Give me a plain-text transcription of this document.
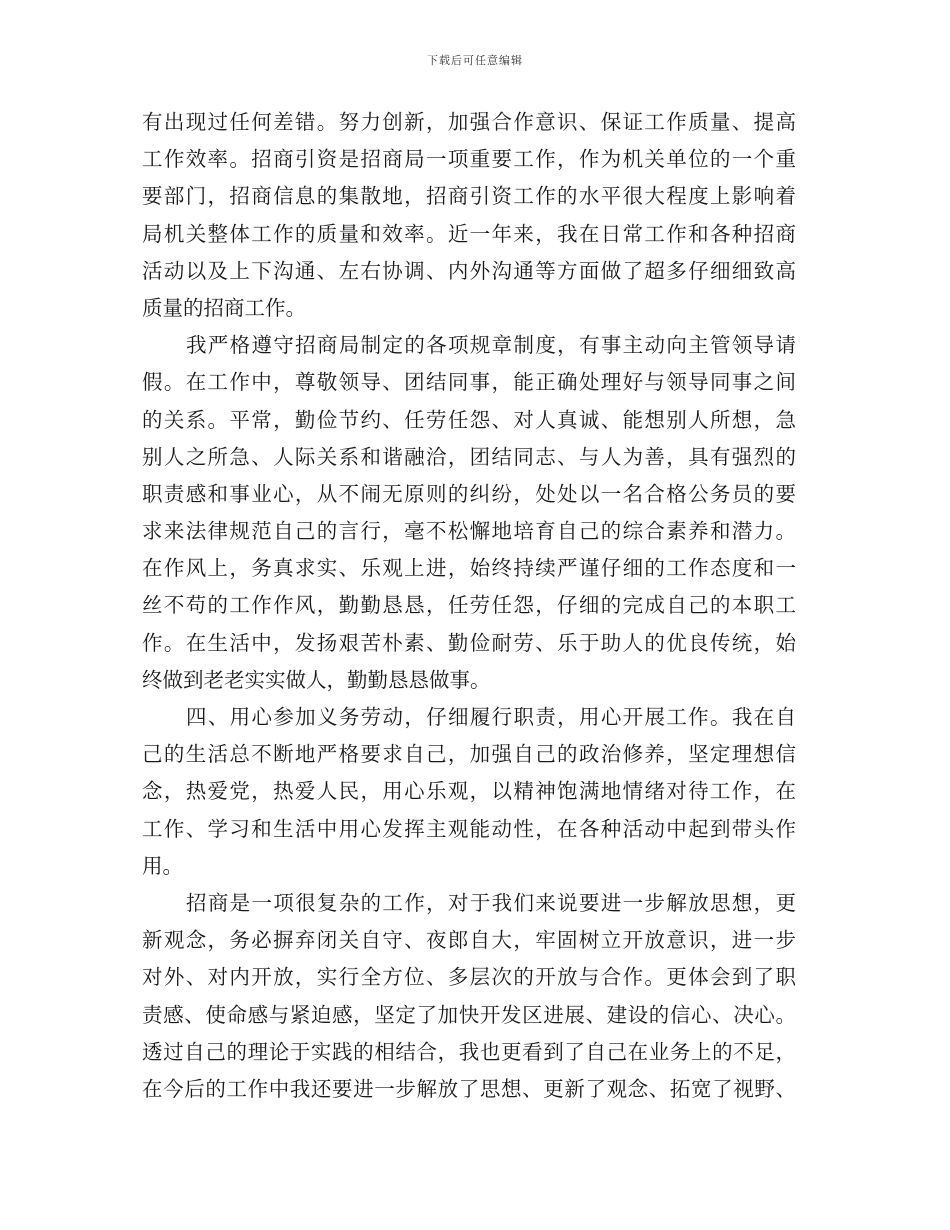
下载后可任意编辑
有出现过任何差错。努力创新，加强合作意识、保证工作质量、提高
工作效率。招商引资是招商局一项重要工作，作为机关单位的一个重
要部门，招商信息的集散地，招商引资工作的水平很大程度上影响着
局机关整体工作的质量和效率。近一年来，我在日常工作和各种招商
活动以及上下沟通、左右协调、内外沟通等方面做了超多仔细细致高
质量的招商工作。
我严格遵守招商局制定的各项规章制度，有事主动向主管领导请
假。在工作中，尊敬领导、团结同事，能正确处理好与领导同事之间
的关系。平常，勤俭节约、任劳任怨、对人真诚、能想别人所想，急
别人之所急、人际关系和谐融洽，团结同志、与人为善，具有强烈的
职责感和事业心，从不闹无原则的纠纷，处处以一名合格公务员的要
求来法律规范自己的言行，毫不松懈地培育自己的综合素养和潜力。
在作风上，务真求实、乐观上进，始终持续严谨仔细的工作态度和一
丝不苟的工作作风，勤勤恳恳，任劳任怨，仔细的完成自己的本职工
作。在生活中，发扬艰苦朴素、勤俭耐劳、乐于助人的优良传统，始
终做到老老实实做人，勤勤恳恳做事。
四、用心参加义务劳动，仔细履行职责，用心开展工作。我在自
己的生活总不断地严格要求自己，加强自己的政治修养，坚定理想信
念，热爱党，热爱人民，用心乐观，以精神饱满地情绪对待工作，在
工作、学习和生活中用心发挥主观能动性，在各种活动中起到带头作
用。
招商是一项很复杂的工作，对于我们来说要进一步解放思想，更
新观念，务必摒弃闭关自守、夜郎自大，牢固树立开放意识，进一步
对外、对内开放，实行全方位、多层次的开放与合作。更体会到了职
责感、使命感与紧迫感，坚定了加快开发区进展、建设的信心、决心。
透过自己的理论于实践的相结合，我也更看到了自己在业务上的不足，
在今后的工作中我还要进一步解放了思想、更新了观念、拓宽了视野、
